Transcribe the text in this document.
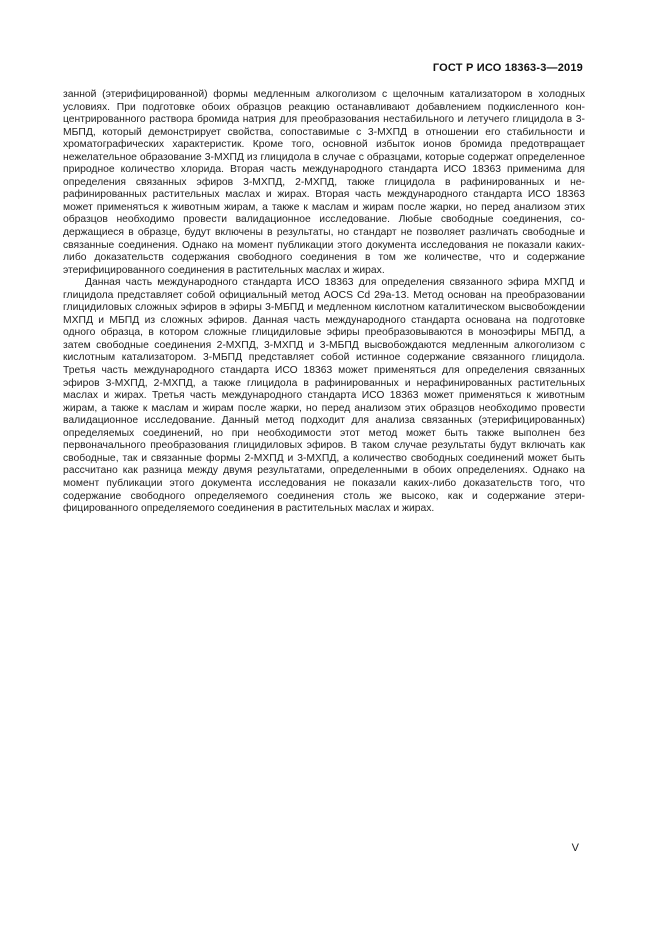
ГОСТ Р ИСО 18363-3—2019

занной (этерифицированной) формы медленным алкоголизом с щелочным катализатором в холодных условиях. При подготовке обоих образцов реакцию останавливают добавлением подкисленного концентрированного раствора бромида натрия для преобразования нестабильного и летучего глицидола в 3-МБПД, который демонстрирует свойства, сопоставимые с 3-МХПД в отношении его стабильности и хроматографических характеристик. Кроме того, основной избыток ионов бромида предотвращает нежелательное образование 3-МХПД из глицидола в случае с образцами, которые содержат определенное природное количество хлорида. Вторая часть международного стандарта ИСО 18363 применима для определения связанных эфиров 3-МХПД, 2-МХПД, также глицидола в рафинированных и нерафинированных растительных маслах и жирах. Вторая часть международного стандарта ИСО 18363 может применяться к животным жирам, а также к маслам и жирам после жарки, но перед анализом этих образцов необходимо провести валидационное исследование. Любые свободные соединения, содержащиеся в образце, будут включены в результаты, но стандарт не позволяет различать свободные и связанные соединения. Однако на момент публикации этого документа исследования не показали каких-либо доказательств содержания свободного соединения в том же количестве, что и содержание этерифицированного соединения в растительных маслах и жирах.

Данная часть международного стандарта ИСО 18363 для определения связанного эфира МХПД и глицидола представляет собой официальный метод AOCS Cd 29а-13. Метод основан на преобразовании глицидиловых сложных эфиров в эфиры 3-МБПД и медленном кислотном каталитическом высвобождении МХПД и МБПД из сложных эфиров. Данная часть международного стандарта основана на подготовке одного образца, в котором сложные глицидиловые эфиры преобразовываются в монoэфиры МБПД, а затем свободные соединения 2-МХПД, 3-МХПД и 3-МБПД высвобождаются медленным алкоголизом с кислотным катализатором. 3-МБПД представляет собой истинное содержание связанного глицидола. Третья часть международного стандарта ИСО 18363 может применяться для определения связанных эфиров 3-МХПД, 2-МХПД, а также глицидола в рафинированных и нерафинированных растительных маслах и жирах. Третья часть международного стандарта ИСО 18363 может применяться к животным жирам, а также к маслам и жирам после жарки, но перед анализом этих образцов необходимо провести валидационное исследование. Данный метод подходит для анализа связанных (этерифицированных) определяемых соединений, но при необходимости этот метод может быть также выполнен без первоначального преобразования глицидиловых эфиров. В таком случае результаты будут включать как свободные, так и связанные формы 2-МХПД и 3-МХПД, а количество свободных соединений может быть рассчитано как разница между двумя результатами, определенными в обоих определениях. Однако на момент публикации этого документа исследования не показали каких-либо доказательств того, что содержание свободного определяемого соединения столь же высоко, как и содержание этерифицированного определяемого соединения в растительных маслах и жирах.

V
